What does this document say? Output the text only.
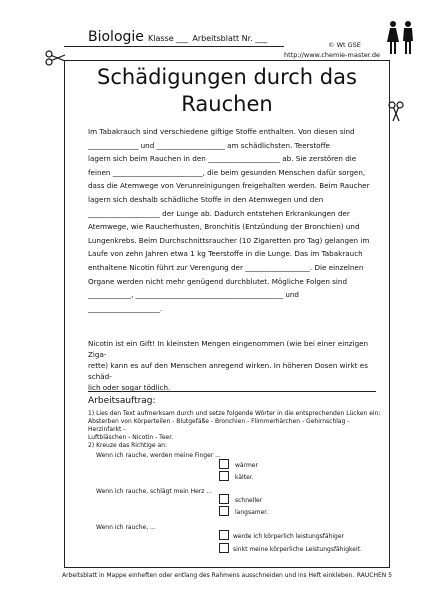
Biologie Klasse ___ Arbeitsblatt Nr. ___
© Wt GSE
http://www.chemie-master.de
Schädigungen durch das Rauchen

Im Tabakrauch sind verschiedene giftige Stoffe enthalten. Von diesen sind

______________ und ___________________ am schädlichsten. Teerstoffe

lagern sich beim Rauchen in den ____________________ ab. Sie zerstören die

feinen _________________________, die beim gesunden Menschen dafür sorgen,

dass die Atemwege von Verunreinigungen freigehalten werden. Beim Raucher

lagern sich deshalb schädliche Stoffe in den Atemwegen und den

____________________ der Lunge ab. Dadurch entstehen Erkrankungen der

Atemwege, wie Raucherhusten, Bronchitis (Entzündung der Bronchien) und

Lungenkrebs. Beim Durchschnittsraucher (10 Zigaretten pro Tag) gelangen im

Laufe von zehn Jahren etwa 1 kg Teerstoffe in die Lunge. Das im Tabakrauch

enthaltene Nicotin führt zur Verengung der __________________. Die einzelnen

Organe werden nicht mehr genügend durchblutet. Mögliche Folgen sind

____________, _________________________________________ und

____________________.

Nicotin ist ein Gift! In kleinsten Mengen eingenommen (wie bei einer einzigen Ziga-
rette) kann es auf den Menschen anregend wirken. In höheren Dosen wirkt es schäd-
lich oder sogar tödlich.
Arbeitsauftrag:
1) Lies den Text aufmerksam durch und setze folgende Wörter in die entsprechenden Lücken ein:
Absterben von Körperteilen - Blutgefäße - Bronchien - Flimmerhärchen - Gehirnschlag - Herzinfarkt -
Luftbläschen - Nicotin - Teer.
2) Kreuze das Richtige an:
Wenn ich rauche, werden meine Finger ...
wärmer
kälter.
Wenn ich rauche, schlägt mein Herz ...
schneller
langsamer.
Wenn ich rauche, ...
werde ich körperlich leistungsfähiger
sinkt meine körperliche Leistungsfähigkeit.
Arbeitsblatt in Mappe einheften oder entlang des Rahmens ausschneiden und ins Heft einkleben. RAUCHEN 5
